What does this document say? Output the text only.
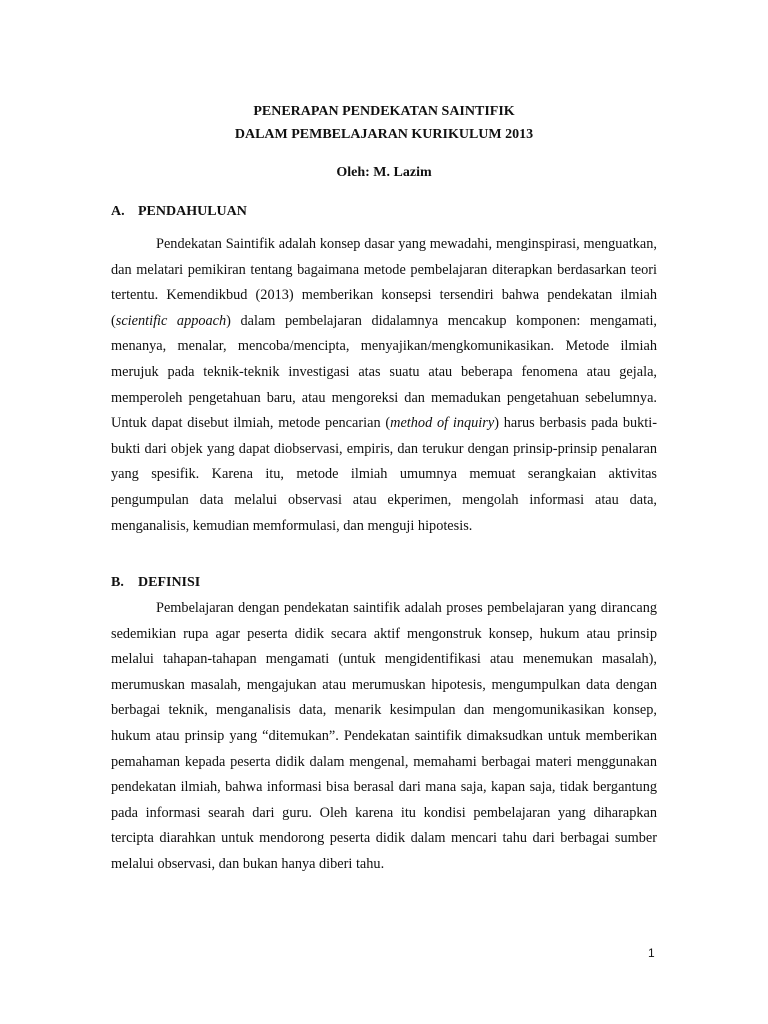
PENERAPAN PENDEKATAN SAINTIFIK
DALAM PEMBELAJARAN KURIKULUM 2013
Oleh: M. Lazim
A. PENDAHULUAN
Pendekatan Saintifik adalah konsep dasar yang mewadahi, menginspirasi, menguatkan, dan melatari pemikiran tentang bagaimana metode pembelajaran diterapkan berdasarkan teori tertentu. Kemendikbud (2013) memberikan konsepsi tersendiri bahwa pendekatan ilmiah (scientific appoach) dalam pembelajaran didalamnya mencakup komponen: mengamati, menanya, menalar, mencoba/mencipta, menyajikan/mengkomunikasikan. Metode ilmiah merujuk pada teknik-teknik investigasi atas suatu atau beberapa fenomena atau gejala, memperoleh pengetahuan baru, atau mengoreksi dan memadukan pengetahuan sebelumnya. Untuk dapat disebut ilmiah, metode pencarian (method of inquiry) harus berbasis pada bukti-bukti dari objek yang dapat diobservasi, empiris, dan terukur dengan prinsip-prinsip penalaran yang spesifik. Karena itu, metode ilmiah umumnya memuat serangkaian aktivitas pengumpulan data melalui observasi atau ekperimen, mengolah informasi atau data, menganalisis, kemudian memformulasi, dan menguji hipotesis.
B. DEFINISI
Pembelajaran dengan pendekatan saintifik adalah proses pembelajaran yang dirancang sedemikian rupa agar peserta didik secara aktif mengonstruk konsep, hukum atau prinsip melalui tahapan-tahapan mengamati (untuk mengidentifikasi atau menemukan masalah), merumuskan masalah, mengajukan atau merumuskan hipotesis, mengumpulkan data dengan berbagai teknik, menganalisis data, menarik kesimpulan dan mengomunikasikan konsep, hukum atau prinsip yang “ditemukan”. Pendekatan saintifik dimaksudkan untuk memberikan pemahaman kepada peserta didik dalam mengenal, memahami berbagai materi menggunakan pendekatan ilmiah, bahwa informasi bisa berasal dari mana saja, kapan saja, tidak bergantung pada informasi searah dari guru. Oleh karena itu kondisi pembelajaran yang diharapkan tercipta diarahkan untuk mendorong peserta didik dalam mencari tahu dari berbagai sumber melalui observasi, dan bukan hanya diberi tahu.
1
